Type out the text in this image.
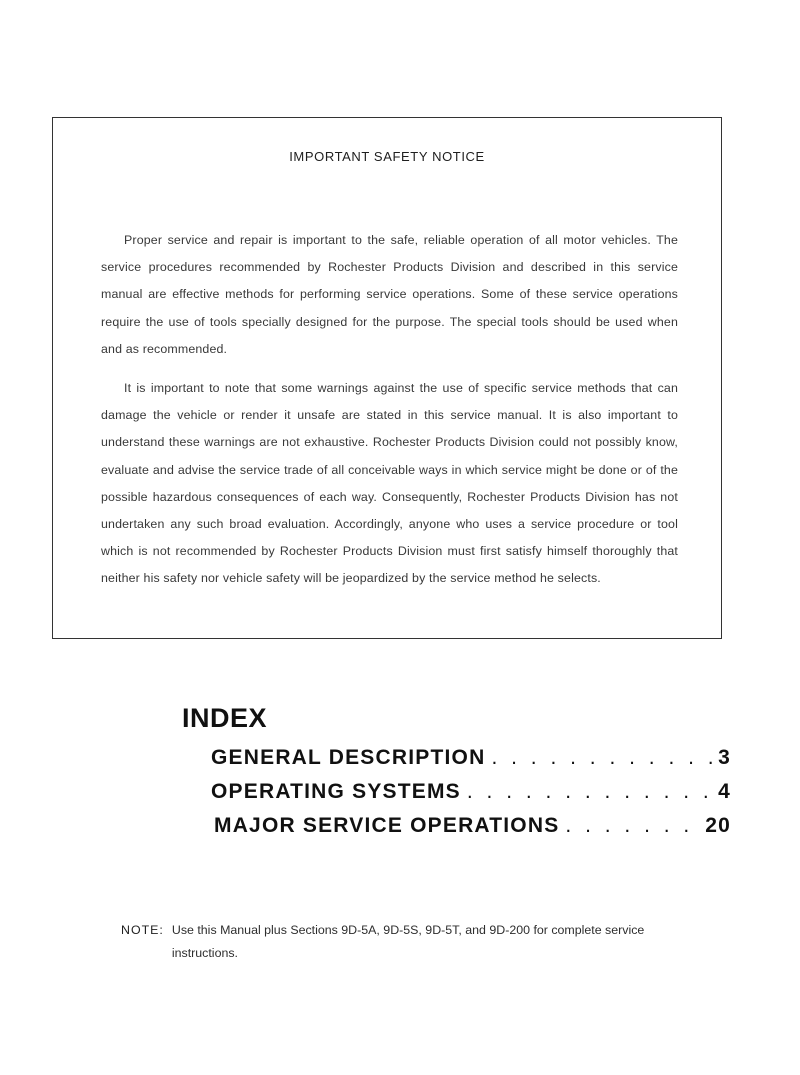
IMPORTANT SAFETY NOTICE

Proper service and repair is important to the safe, reliable operation of all motor vehicles. The service procedures recommended by Rochester Products Division and described in this service manual are effective methods for performing service operations. Some of these service operations require the use of tools specially designed for the purpose. The special tools should be used when and as recommended.

It is important to note that some warnings against the use of specific service methods that can damage the vehicle or render it unsafe are stated in this service manual. It is also important to understand these warnings are not exhaustive. Rochester Products Division could not possibly know, evaluate and advise the service trade of all conceivable ways in which service might be done or of the possible hazardous consequences of each way. Consequently, Rochester Products Division has not undertaken any such broad evaluation. Accordingly, anyone who uses a service procedure or tool which is not recommended by Rochester Products Division must first satisfy himself thoroughly that neither his safety nor vehicle safety will be jeopardized by the service method he selects.

INDEX
GENERAL DESCRIPTION . . .	3
OPERATING SYSTEMS . . .	4
MAJOR SERVICE OPERATIONS . . .	20
NOTE: Use this Manual plus Sections 9D-5A, 9D-5S, 9D-5T, and 9D-200 for complete service instructions.
